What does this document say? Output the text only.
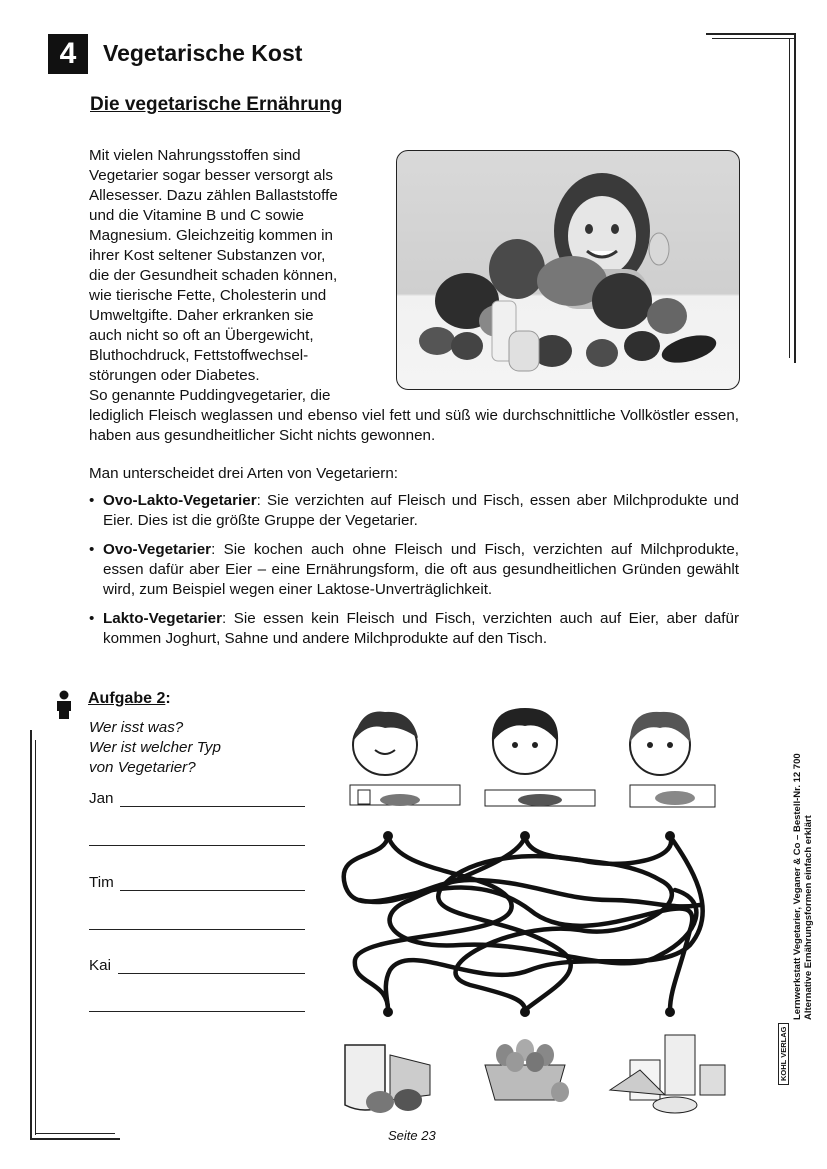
4 Vegetarische Kost
Die vegetarische Ernährung
Mit vielen Nahrungsstoffen sind
Vegetarier sogar besser versorgt als
Allesesser. Dazu zählen Ballaststoffe
und die Vitamine B und C sowie
Magnesium. Gleichzeitig kommen in
ihrer Kost seltener Substanzen vor,
die der Gesundheit schaden können,
wie tierische Fette, Cholesterin und
Umweltgifte. Daher erkranken sie
auch nicht so oft an Übergewicht,
Bluthochdruck, Fettstoffwechsel-
störungen oder Diabetes.
So genannte Puddingvegetarier, die
lediglich Fleisch weglassen und ebenso viel fett und süß wie durchschnittliche Vollköstler essen, haben aus gesundheitlicher Sicht nichts gewonnen.
Man unterscheidet drei Arten von Vegetariern:
• Ovo-Lakto-Vegetarier: Sie verzichten auf Fleisch und Fisch, essen aber Milchprodukte und Eier. Dies ist die größte Gruppe der Vegetarier.
• Ovo-Vegetarier: Sie kochen auch ohne Fleisch und Fisch, verzichten auf Milchprodukte, essen dafür aber Eier – eine Ernährungsform, die oft aus gesundheitlichen Gründen gewählt wird, zum Beispiel wegen einer Laktose-Unverträglichkeit.
• Lakto-Vegetarier: Sie essen kein Fleisch und Fisch, verzichten auch auf Eier, aber dafür kommen Joghurt, Sahne und andere Milchprodukte auf den Tisch.
Aufgabe 2:
Wer isst was?
Wer ist welcher Typ
von Vegetarier?
Jan
Tim
Kai
Seite 23
Lernwerkstatt Vegetarier, Veganer & Co – Bestell-Nr. 12 700 Alternative Ernährungsformen einfach erklärt
KOHL VERLAG
